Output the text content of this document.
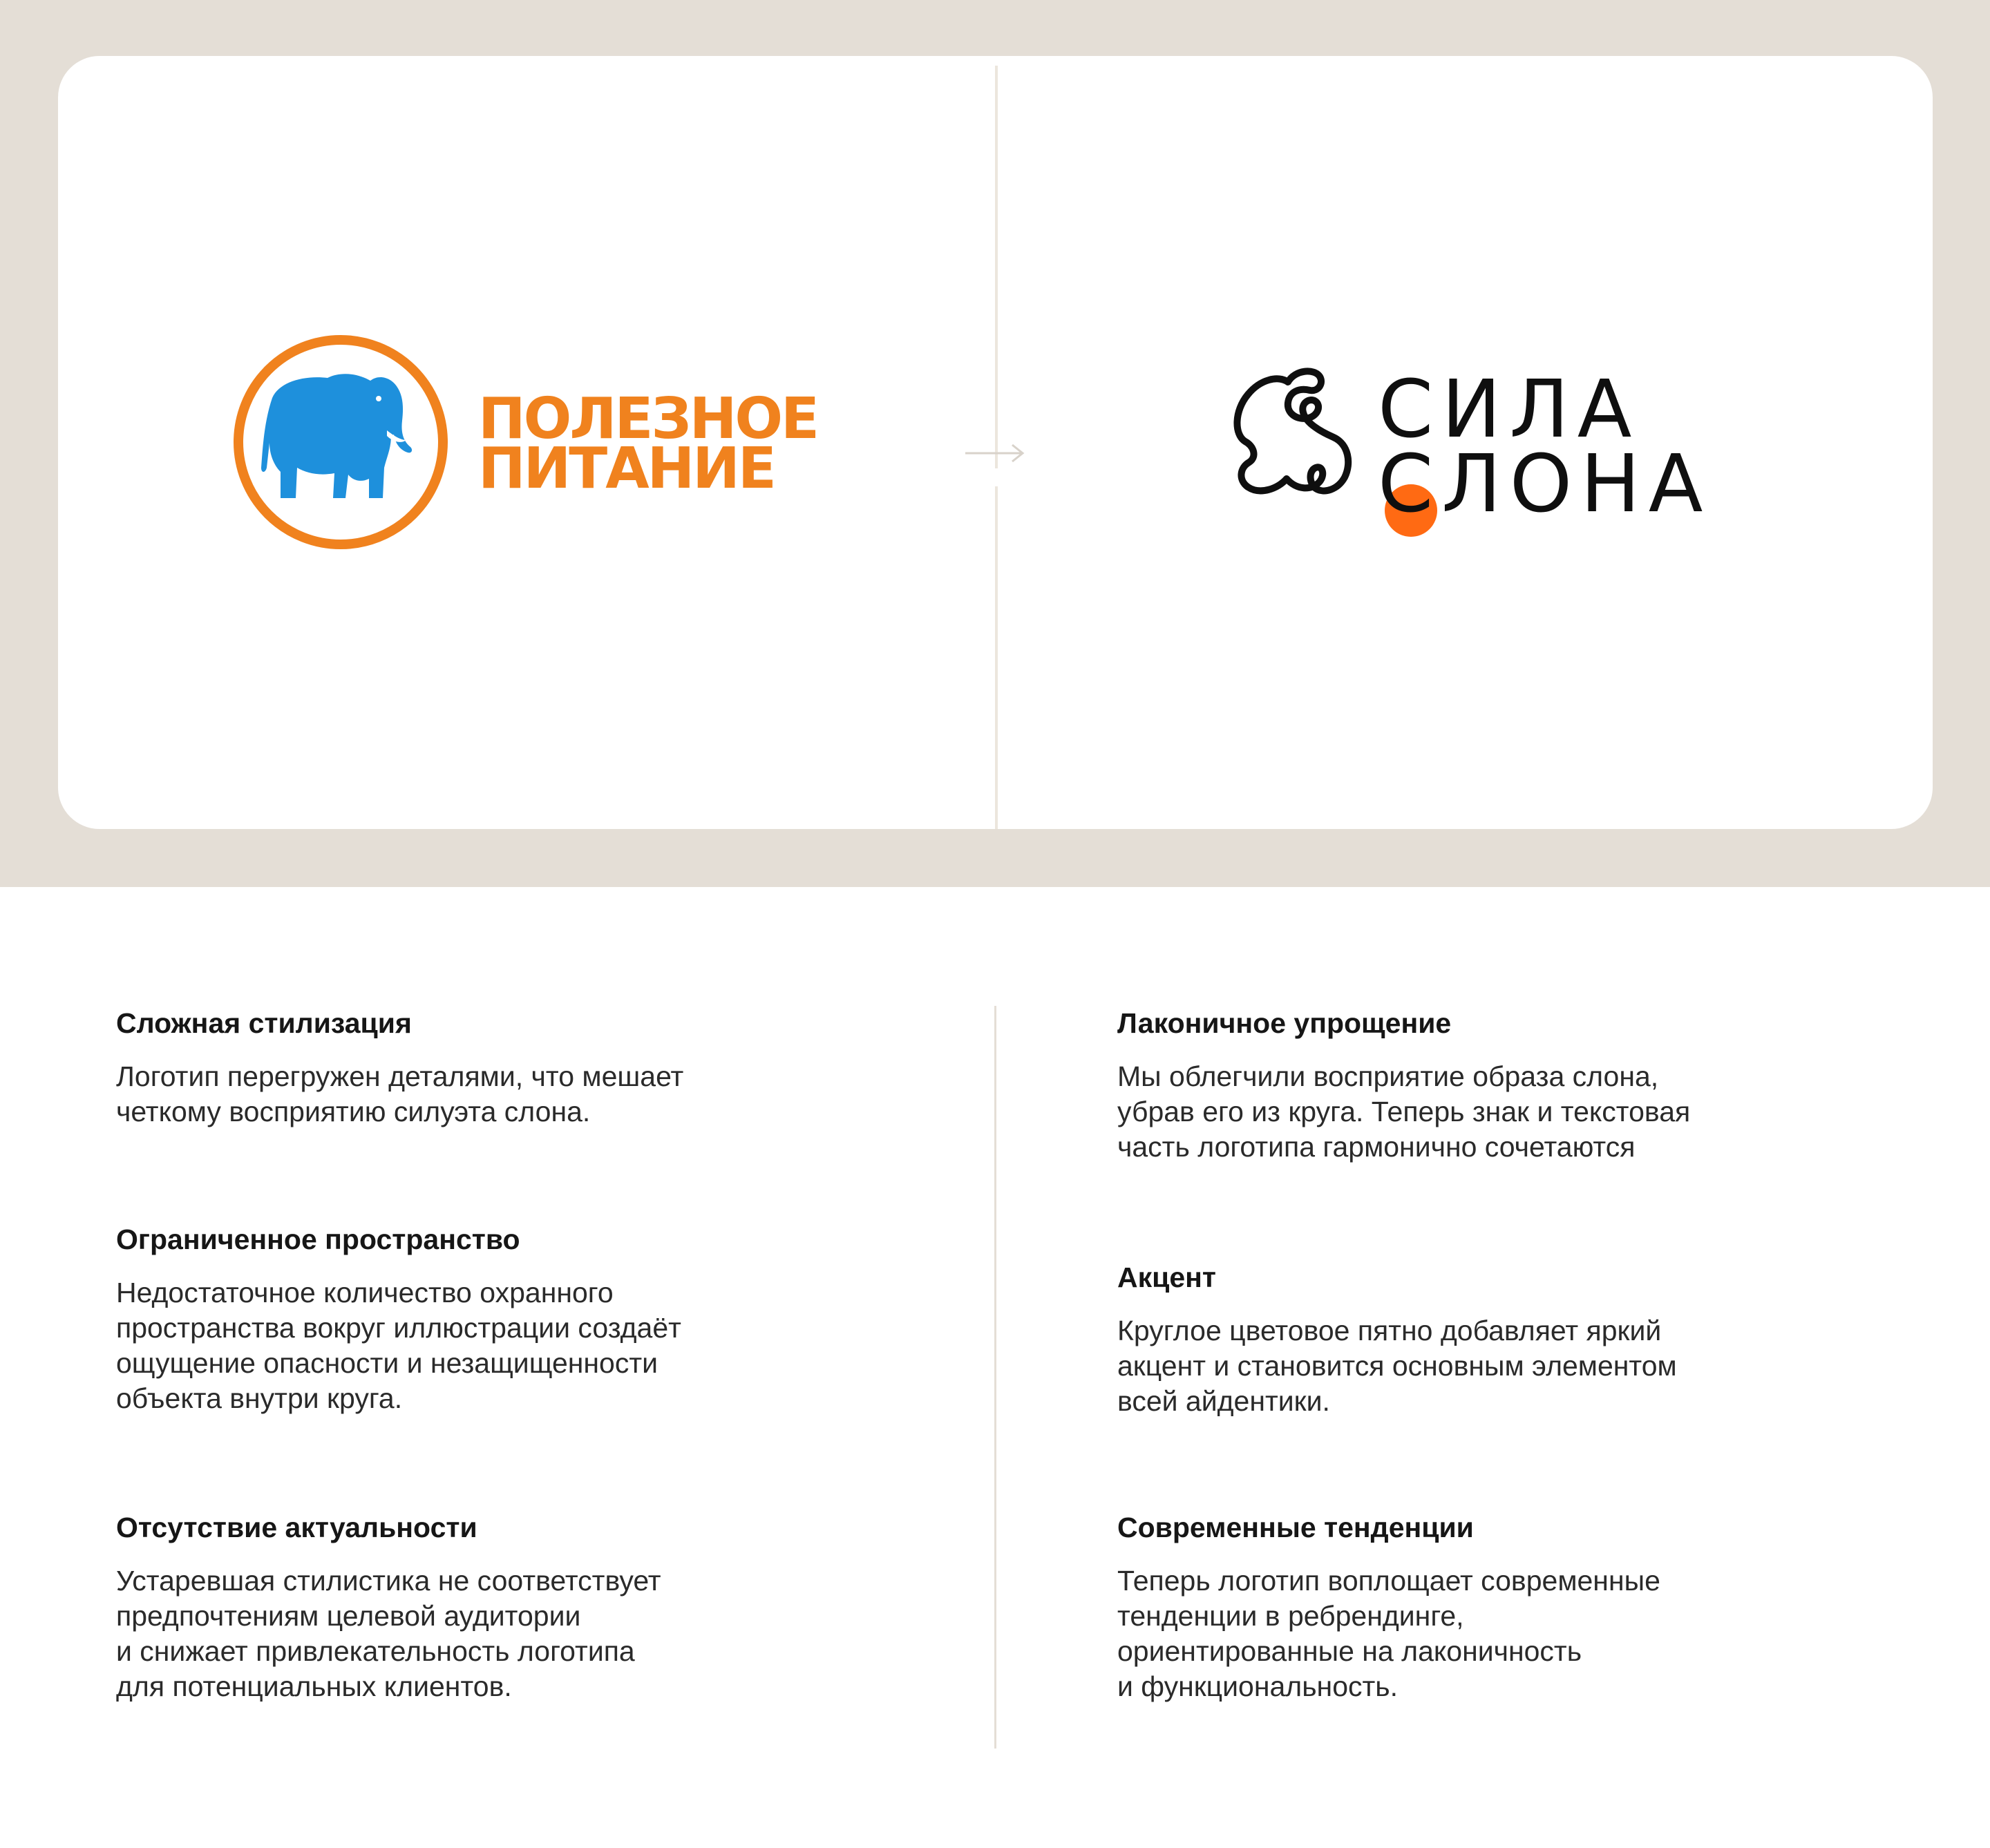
ПОЛЕЗНОЕ
ПИТАНИЕ
СИЛА
СЛОНА
Сложная стилизация

Логотип перегружен деталями, что мешает
четкому восприятию силуэта слона.

Ограниченное пространство

Недостаточное количество охранного
пространства вокруг иллюстрации создаёт
ощущение опасности и незащищенности
объекта внутри круга.

Отсутствие актуальности

Устаревшая стилистика не соответствует
предпочтениям целевой аудитории
и снижает привлекательность логотипа
для потенциальных клиентов.

Лаконичное упрощение

Мы облегчили восприятие образа слона,
убрав его из круга. Теперь знак и текстовая
часть логотипа гармонично сочетаются

Акцент

Круглое цветовое пятно добавляет яркий
акцент и становится основным элементом
всей айдентики.

Современные тенденции

Теперь логотип воплощает современные
тенденции в ребрендинге,
ориентированные на лаконичность
и функциональность.
